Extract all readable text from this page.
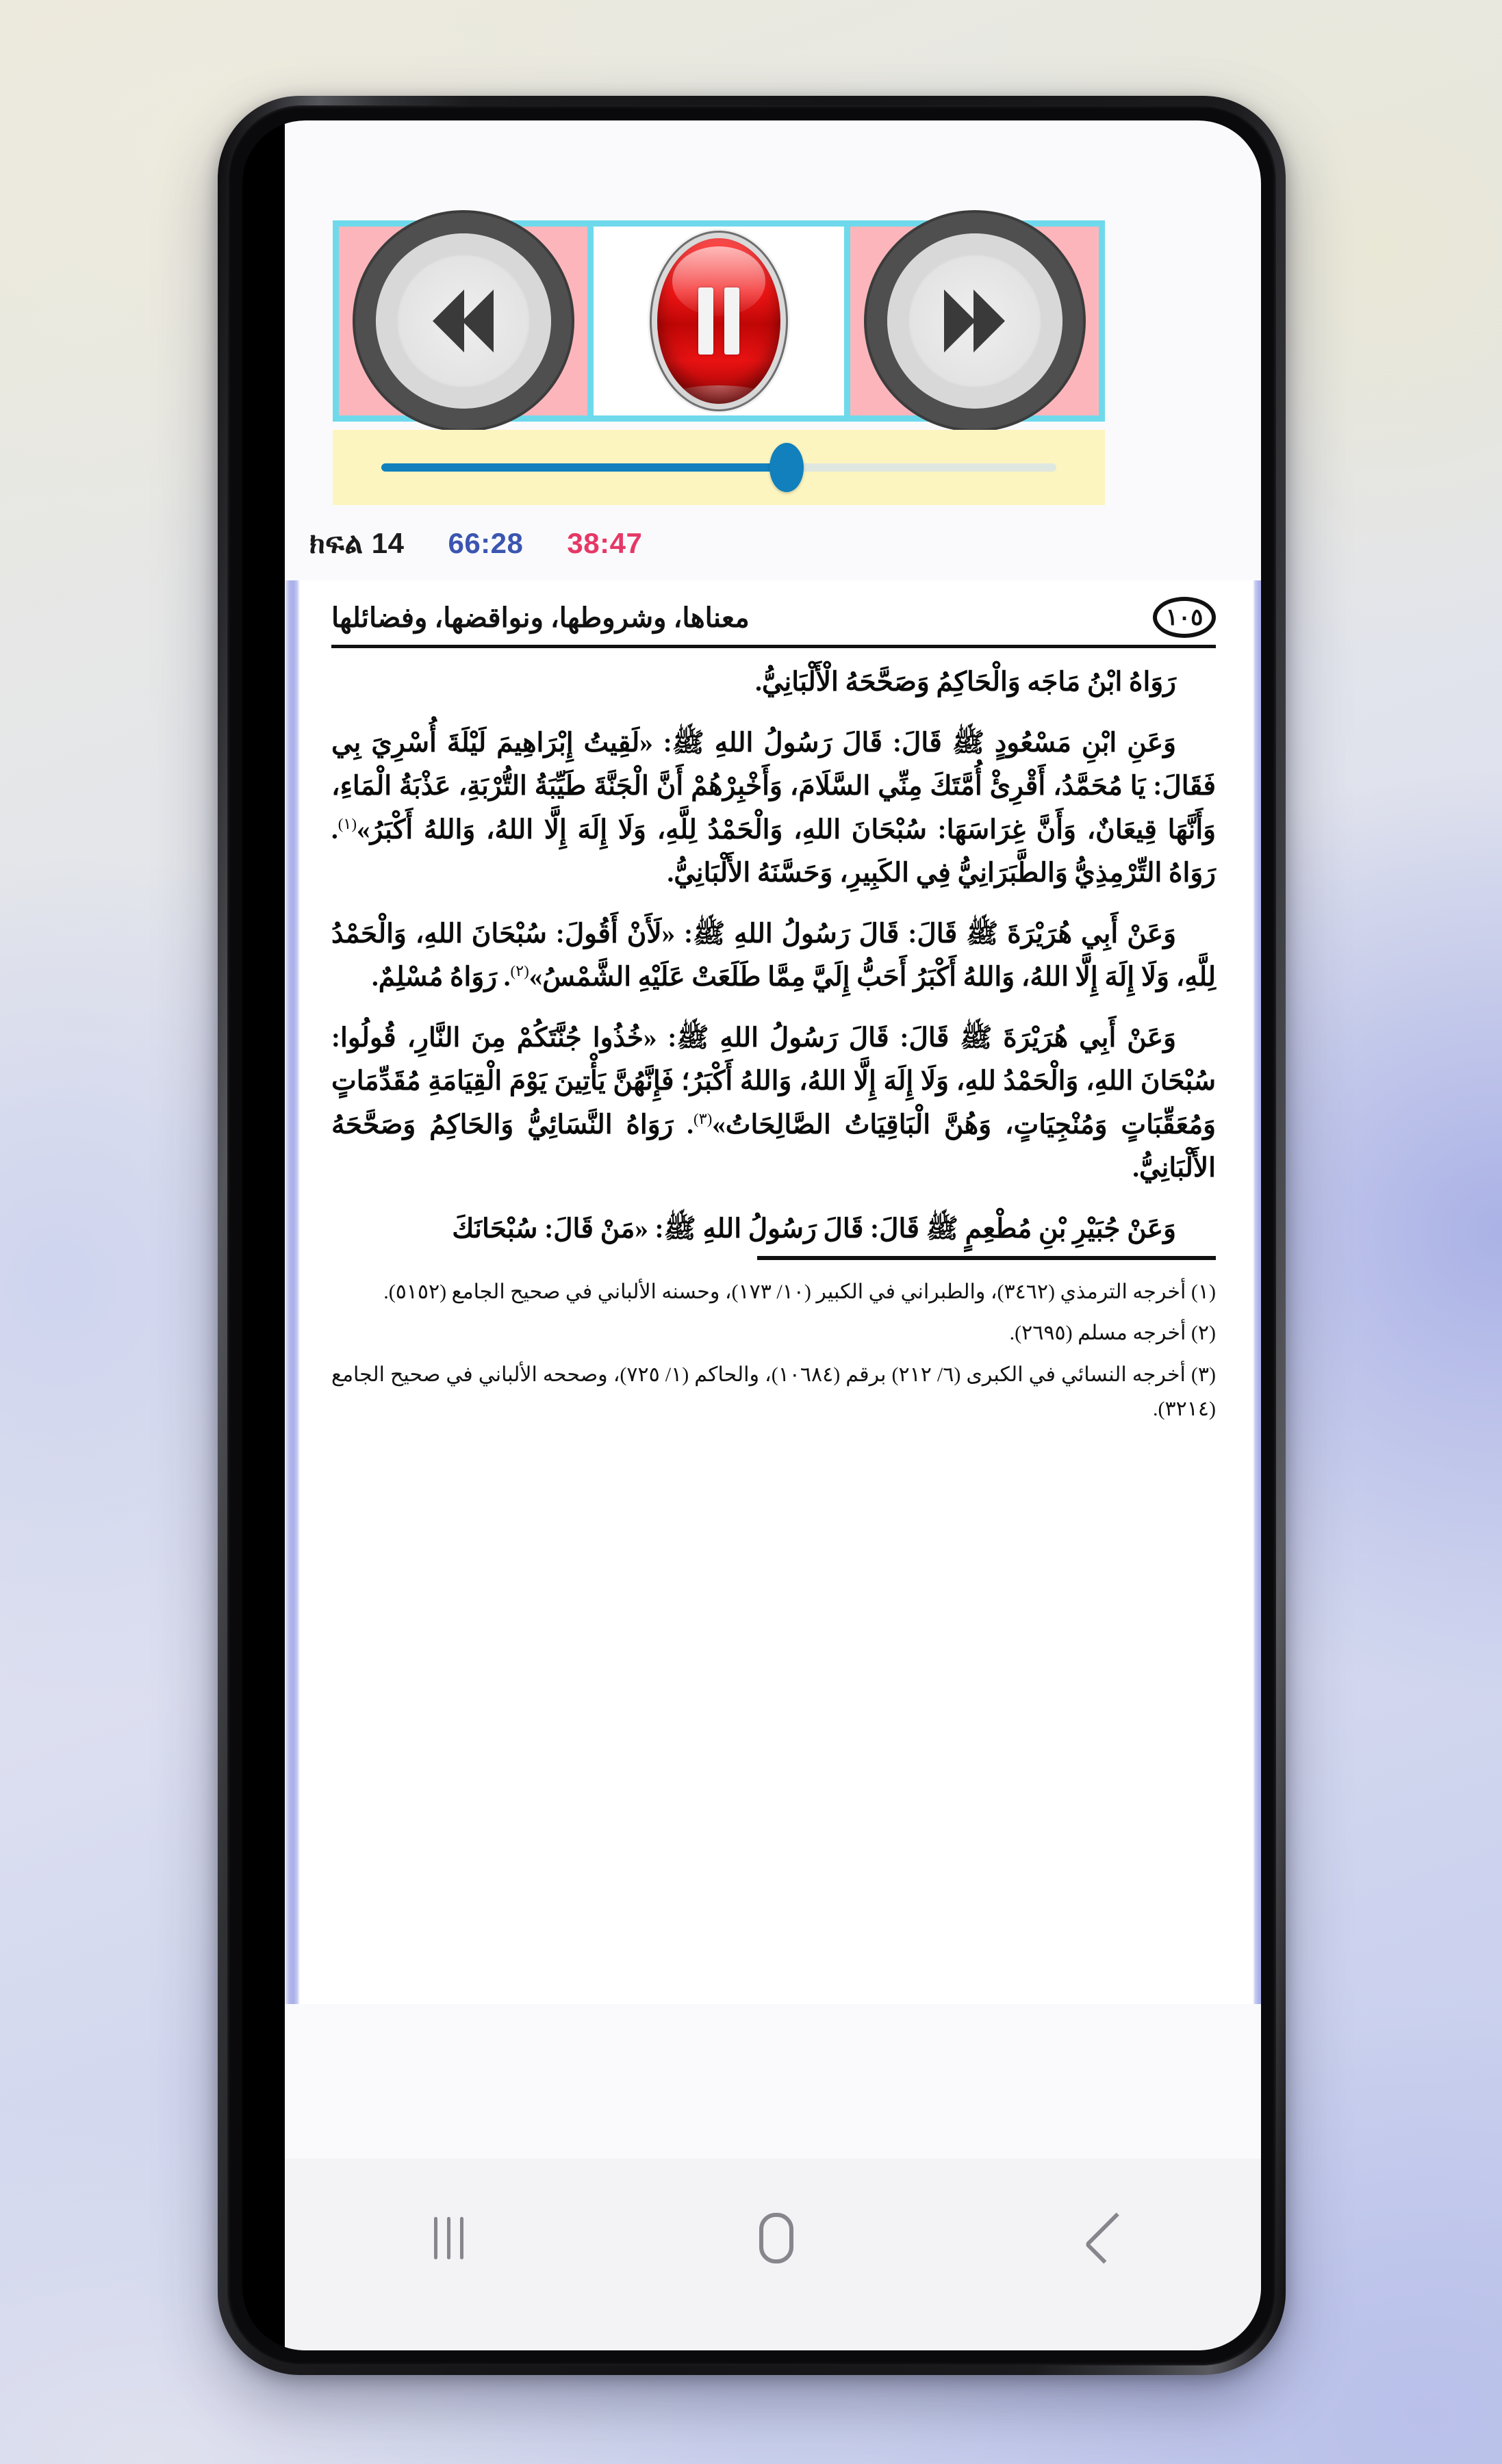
ክፍል 14 66:28 38:47
١٠٥
معناها، وشروطها، ونواقضها، وفضائلها

رَوَاهُ ابْنُ مَاجَه وَالْحَاكِمُ وَصَحَّحَهُ الْأَلْبَانِيُّ.

وَعَنِ ابْنِ مَسْعُودٍ ﷺ قَالَ: قَالَ رَسُولُ اللهِ ﷺ: «لَقِيتُ إِبْرَاهِيمَ لَيْلَةَ أُسْرِيَ بِي فَقَالَ: يَا مُحَمَّدُ، أَقْرِئْ أُمَّتَكَ مِنِّي السَّلَامَ، وَأَخْبِرْهُمْ أَنَّ الْجَنَّةَ طَيِّبَةُ التُّرْبَةِ، عَذْبَةُ الْمَاءِ، وَأَنَّهَا قِيعَانٌ، وَأَنَّ غِرَاسَهَا: سُبْحَانَ اللهِ، وَالْحَمْدُ لِلَّهِ، وَلَا إِلَهَ إِلَّا اللهُ، وَاللهُ أَكْبَرُ»$^{(١)}$. رَوَاهُ التِّرْمِذِيُّ وَالطَّبَرَانِيُّ فِي الكَبِيرِ، وَحَسَّنَهُ الأَلْبَانِيُّ.

وَعَنْ أَبِي هُرَيْرَةَ ﷺ قَالَ: قَالَ رَسُولُ اللهِ ﷺ: «لَأَنْ أَقُولَ: سُبْحَانَ اللهِ، وَالْحَمْدُ لِلَّهِ، وَلَا إِلَهَ إِلَّا اللهُ، وَاللهُ أَكْبَرُ أَحَبُّ إِلَيَّ مِمَّا طَلَعَتْ عَلَيْهِ الشَّمْسُ»$^{(٢)}$. رَوَاهُ مُسْلِمٌ.

وَعَنْ أَبِي هُرَيْرَةَ ﷺ قَالَ: قَالَ رَسُولُ اللهِ ﷺ: «خُذُوا جُنَّتَكُمْ مِنَ النَّارِ، قُولُوا: سُبْحَانَ اللهِ، وَالْحَمْدُ للهِ، وَلَا إِلَهَ إِلَّا اللهُ، وَاللهُ أَكْبَرُ؛ فَإِنَّهُنَّ يَأْتِينَ يَوْمَ الْقِيَامَةِ مُقَدِّمَاتٍ وَمُعَقِّبَاتٍ وَمُنْجِيَاتٍ، وَهُنَّ الْبَاقِيَاتُ الصَّالِحَاتُ»$^{(٣)}$. رَوَاهُ النَّسَائِيُّ وَالحَاكِمُ وَصَحَّحَهُ الأَلْبَانِيُّ.

وَعَنْ جُبَيْرِ بْنِ مُطْعِمٍ ﷺ قَالَ: قَالَ رَسُولُ اللهِ ﷺ: «مَنْ قَالَ: سُبْحَانَكَ

(١) أخرجه الترمذي (٣٤٦٢)، والطبراني في الكبير (١٠/ ١٧٣)، وحسنه الألباني في صحيح الجامع (٥١٥٢).

(٢) أخرجه مسلم (٢٦٩٥).

(٣) أخرجه النسائي في الكبرى (٦/ ٢١٢) برقم (١٠٦٨٤)، والحاكم (١/ ٧٢٥)، وصححه الألباني في صحيح الجامع (٣٢١٤).
